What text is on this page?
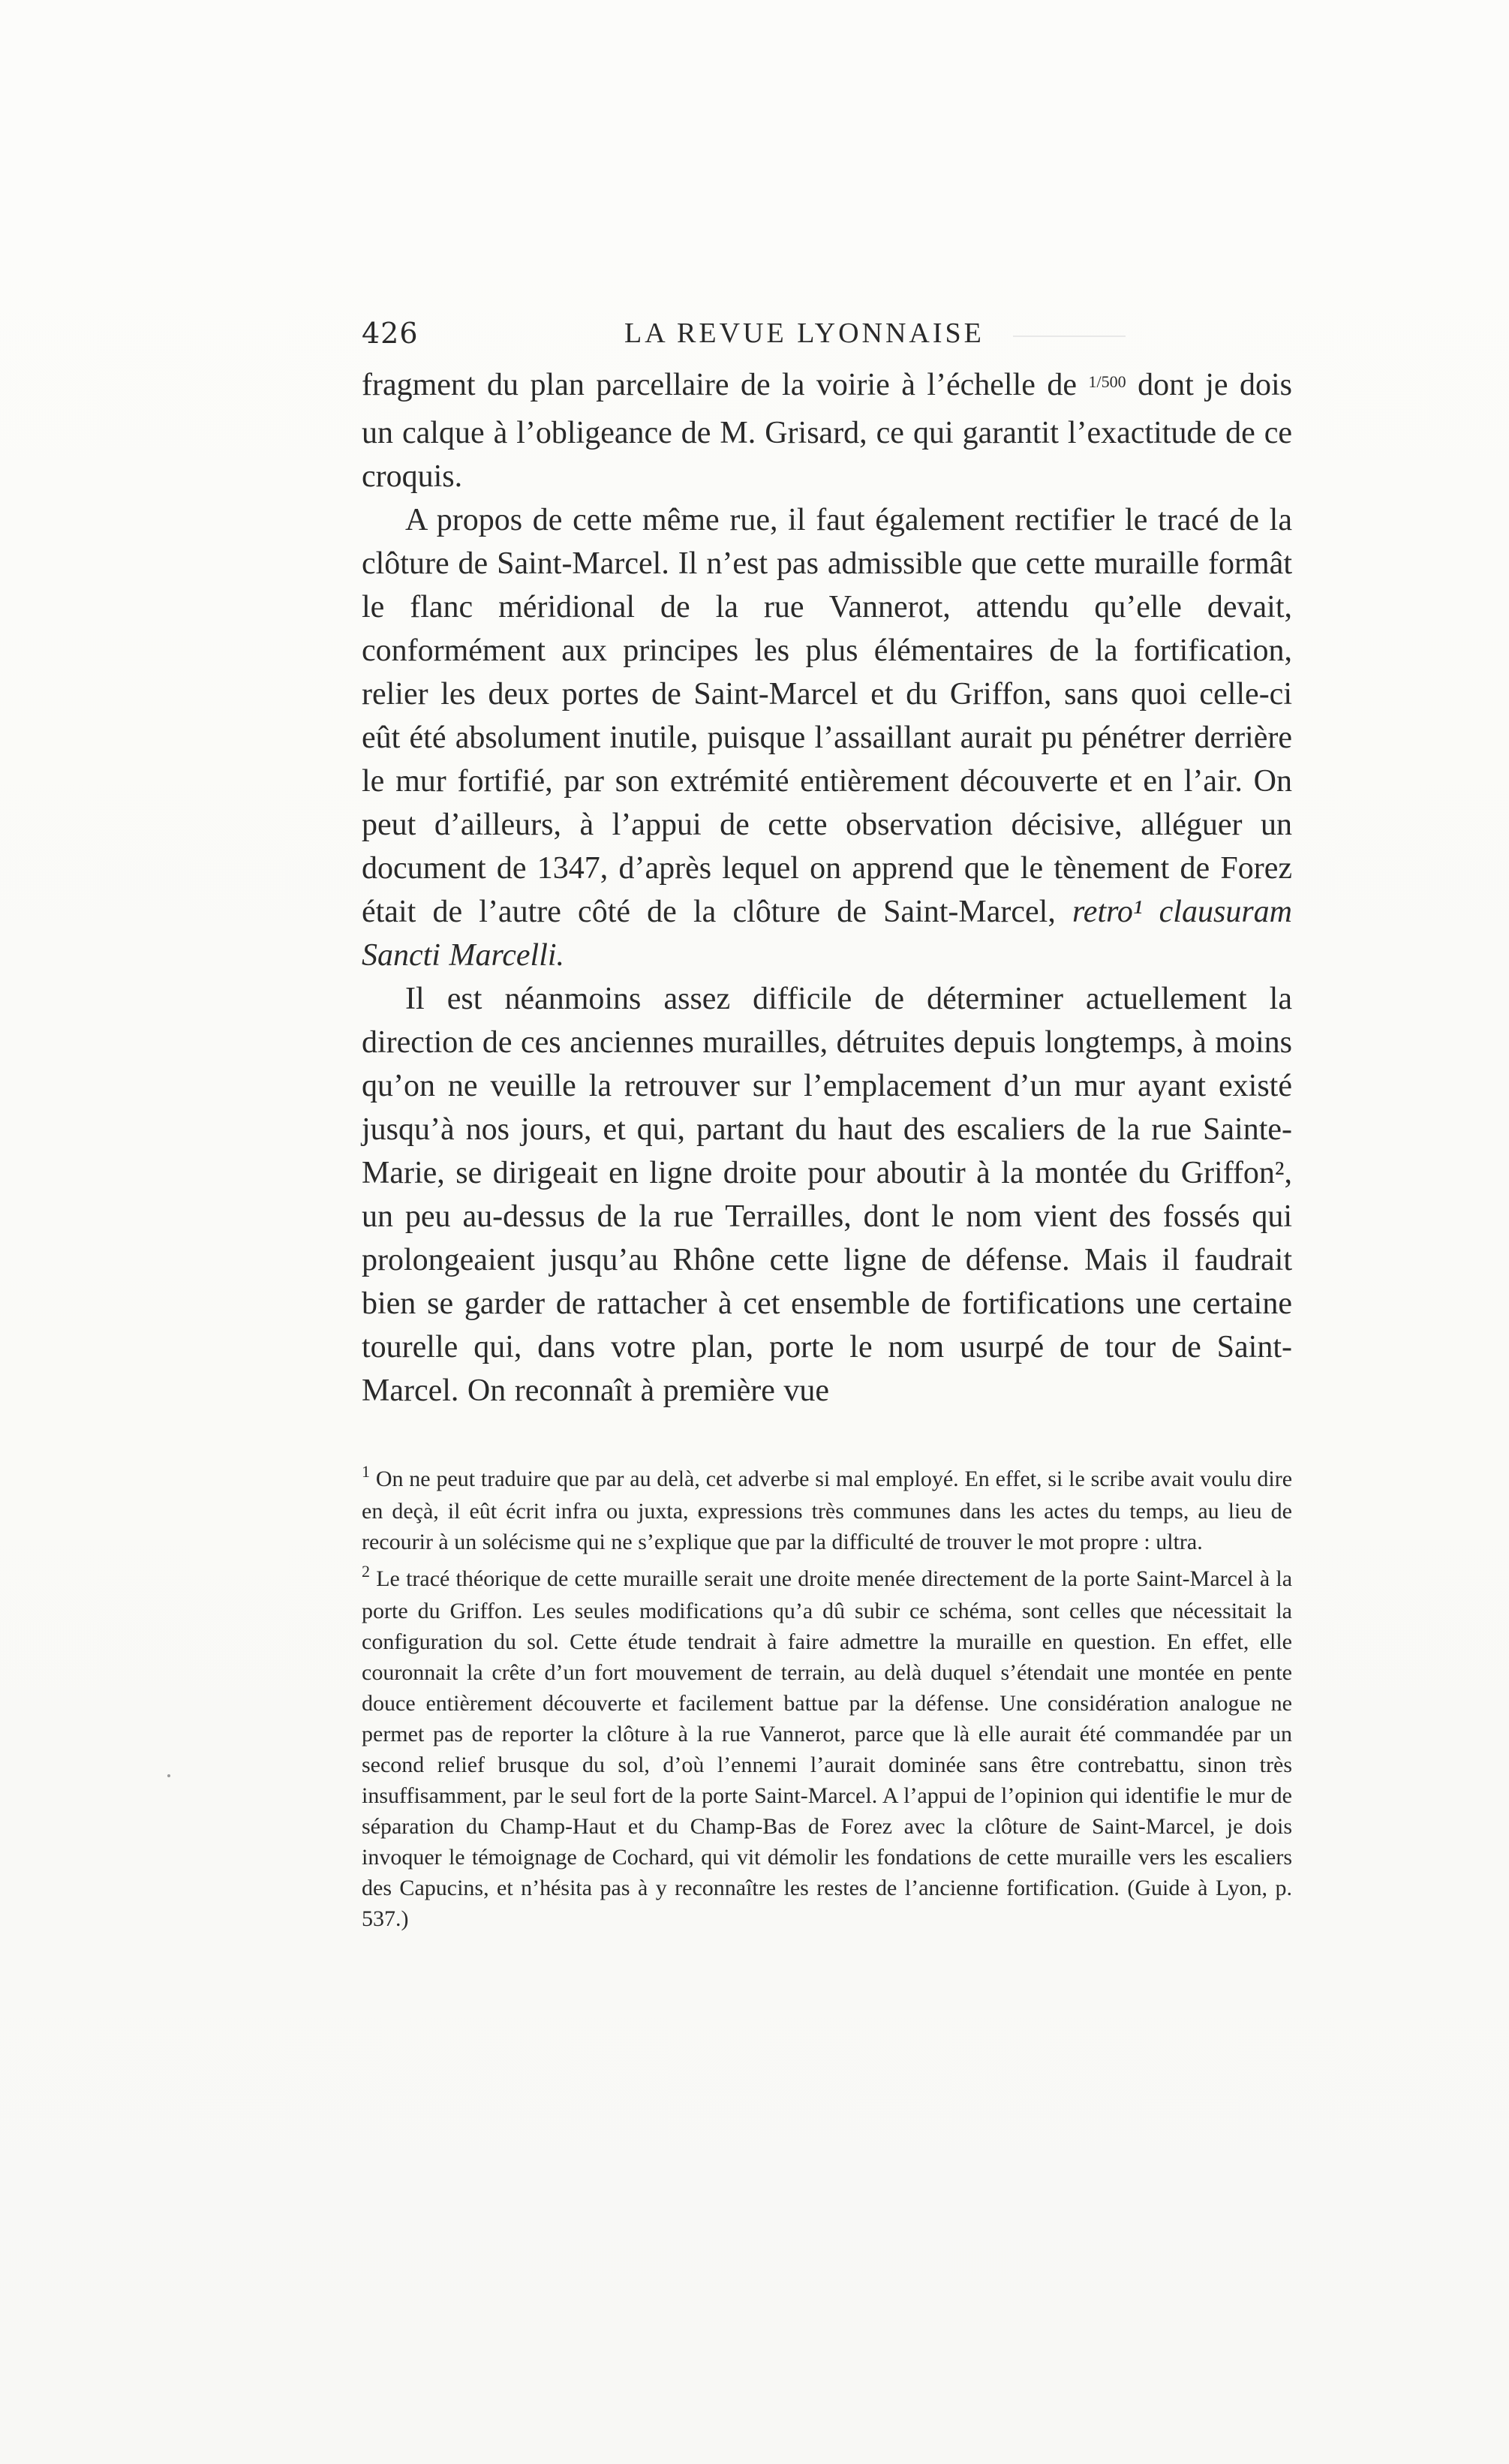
426	LA REVUE LYONNAISE

fragment du plan parcellaire de la voirie à l’échelle de $^{1/500}$ dont je dois un calque à l’obligeance de M. Grisard, ce qui garantit l’exactitude de ce croquis.

A propos de cette même rue, il faut également rectifier le tracé de la clôture de Saint-Marcel. Il n’est pas admissible que cette muraille formât le flanc méridional de la rue Vannerot, attendu qu’elle devait, conformément aux principes les plus élémentaires de la fortification, relier les deux portes de Saint-Marcel et du Griffon, sans quoi celle-ci eût été absolument inutile, puisque l’assaillant aurait pu pénétrer derrière le mur fortifié, par son extrémité entièrement découverte et en l’air. On peut d’ailleurs, à l’appui de cette observation décisive, alléguer un document de 1347, d’après lequel on apprend que le tènement de Forez était de l’autre côté de la clôture de Saint-Marcel, retro¹ clausuram Sancti Marcelli.

Il est néanmoins assez difficile de déterminer actuellement la direction de ces anciennes murailles, détruites depuis longtemps, à moins qu’on ne veuille la retrouver sur l’emplacement d’un mur ayant existé jusqu’à nos jours, et qui, partant du haut des escaliers de la rue Sainte-Marie, se dirigeait en ligne droite pour aboutir à la montée du Griffon², un peu au-dessus de la rue Terrailles, dont le nom vient des fossés qui prolongeaient jusqu’au Rhône cette ligne de défense. Mais il faudrait bien se garder de rattacher à cet ensemble de fortifications une certaine tourelle qui, dans votre plan, porte le nom usurpé de tour de Saint-Marcel. On reconnaît à première vue

$^1$ On ne peut traduire que par au delà, cet adverbe si mal employé. En effet, si le scribe avait voulu dire en deçà, il eût écrit infra ou juxta, expressions très communes dans les actes du temps, au lieu de recourir à un solécisme qui ne s’explique que par la difficulté de trouver le mot propre : ultra.

$^2$ Le tracé théorique de cette muraille serait une droite menée directement de la porte Saint-Marcel à la porte du Griffon. Les seules modifications qu’a dû subir ce schéma, sont celles que nécessitait la configuration du sol. Cette étude tendrait à faire admettre la muraille en question. En effet, elle couronnait la crête d’un fort mouvement de terrain, au delà duquel s’étendait une montée en pente douce entièrement découverte et facilement battue par la défense. Une considération analogue ne permet pas de reporter la clôture à la rue Vannerot, parce que là elle aurait été commandée par un second relief brusque du sol, d’où l’ennemi l’aurait dominée sans être contrebattu, sinon très insuffisamment, par le seul fort de la porte Saint-Marcel. A l’appui de l’opinion qui identifie le mur de séparation du Champ-Haut et du Champ-Bas de Forez avec la clôture de Saint-Marcel, je dois invoquer le témoignage de Cochard, qui vit démolir les fondations de cette muraille vers les escaliers des Capucins, et n’hésita pas à y reconnaître les restes de l’ancienne fortification. (Guide à Lyon, p. 537.)
